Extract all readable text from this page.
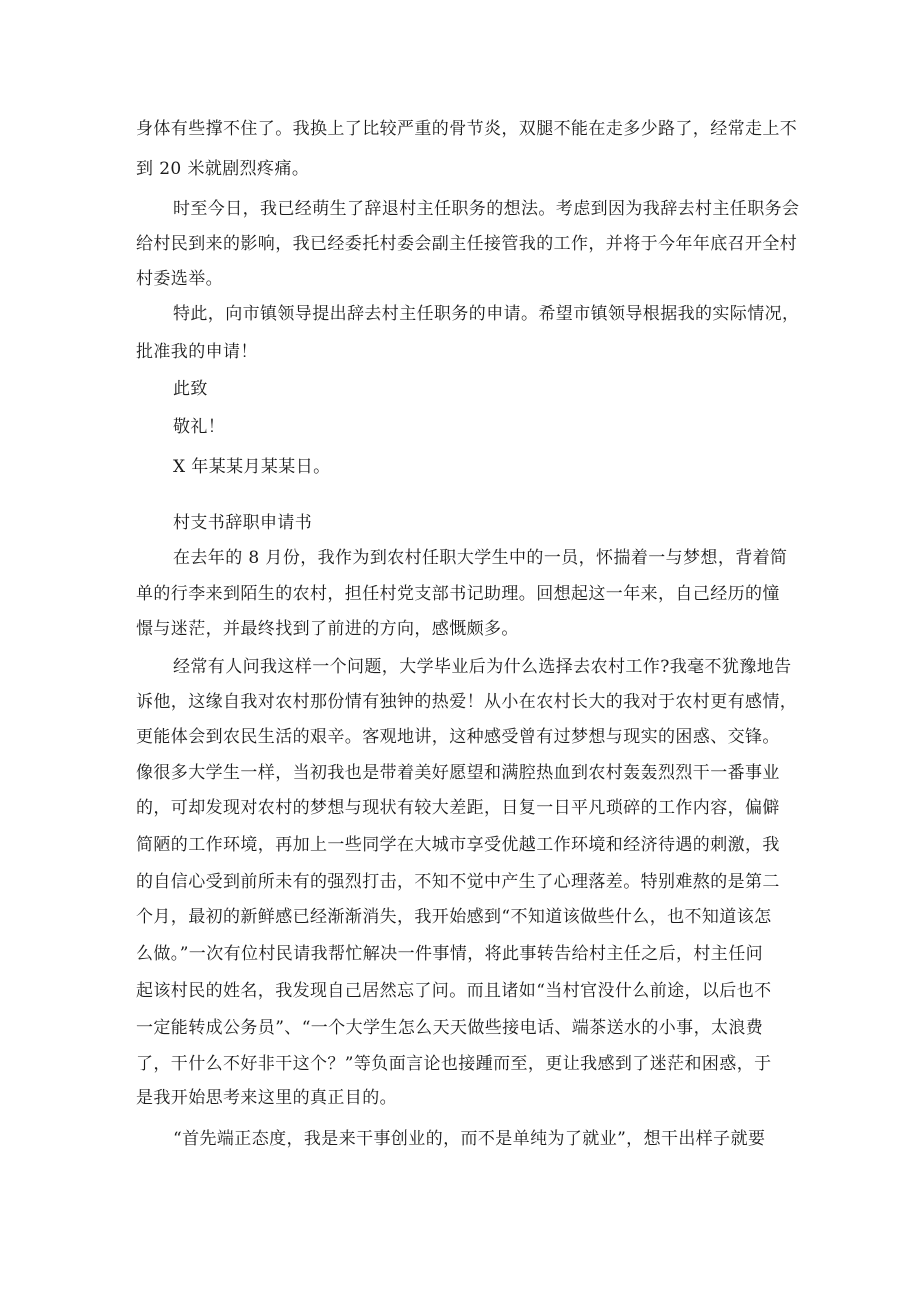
身体有些撑不住了。我换上了比较严重的骨节炎，双腿不能在走多少路了，经常走上不
到 20 米就剧烈疼痛。
时至今日，我已经萌生了辞退村主任职务的想法。考虑到因为我辞去村主任职务会
给村民到来的影响，我已经委托村委会副主任接管我的工作，并将于今年年底召开全村
村委选举。
特此，向市镇领导提出辞去村主任职务的申请。希望市镇领导根据我的实际情况，
批准我的申请！
此致
敬礼！
X 年某某月某某日。
村支书辞职申请书
在去年的 8 月份，我作为到农村任职大学生中的一员，怀揣着一与梦想，背着简
单的行李来到陌生的农村，担任村党支部书记助理。回想起这一年来，自己经历的憧
憬与迷茫，并最终找到了前进的方向，感慨颇多。
经常有人问我这样一个问题，大学毕业后为什么选择去农村工作?我毫不犹豫地告
诉他，这缘自我对农村那份情有独钟的热爱！从小在农村长大的我对于农村更有感情，
更能体会到农民生活的艰辛。客观地讲，这种感受曾有过梦想与现实的困惑、交锋。
像很多大学生一样，当初我也是带着美好愿望和满腔热血到农村轰轰烈烈干一番事业
的，可却发现对农村的梦想与现状有较大差距，日复一日平凡琐碎的工作内容，偏僻
简陋的工作环境，再加上一些同学在大城市享受优越工作环境和经济待遇的刺激，我
的自信心受到前所未有的强烈打击，不知不觉中产生了心理落差。特别难熬的是第二
个月，最初的新鲜感已经渐渐消失，我开始感到“不知道该做些什么，也不知道该怎
么做。”一次有位村民请我帮忙解决一件事情，将此事转告给村主任之后，村主任问
起该村民的姓名，我发现自己居然忘了问。而且诸如“当村官没什么前途，以后也不
一定能转成公务员”、“一个大学生怎么天天做些接电话、端茶送水的小事，太浪费
了，干什么不好非干这个？”等负面言论也接踵而至，更让我感到了迷茫和困惑，于
是我开始思考来这里的真正目的。
“首先端正态度，我是来干事创业的，而不是单纯为了就业”，想干出样子就要
